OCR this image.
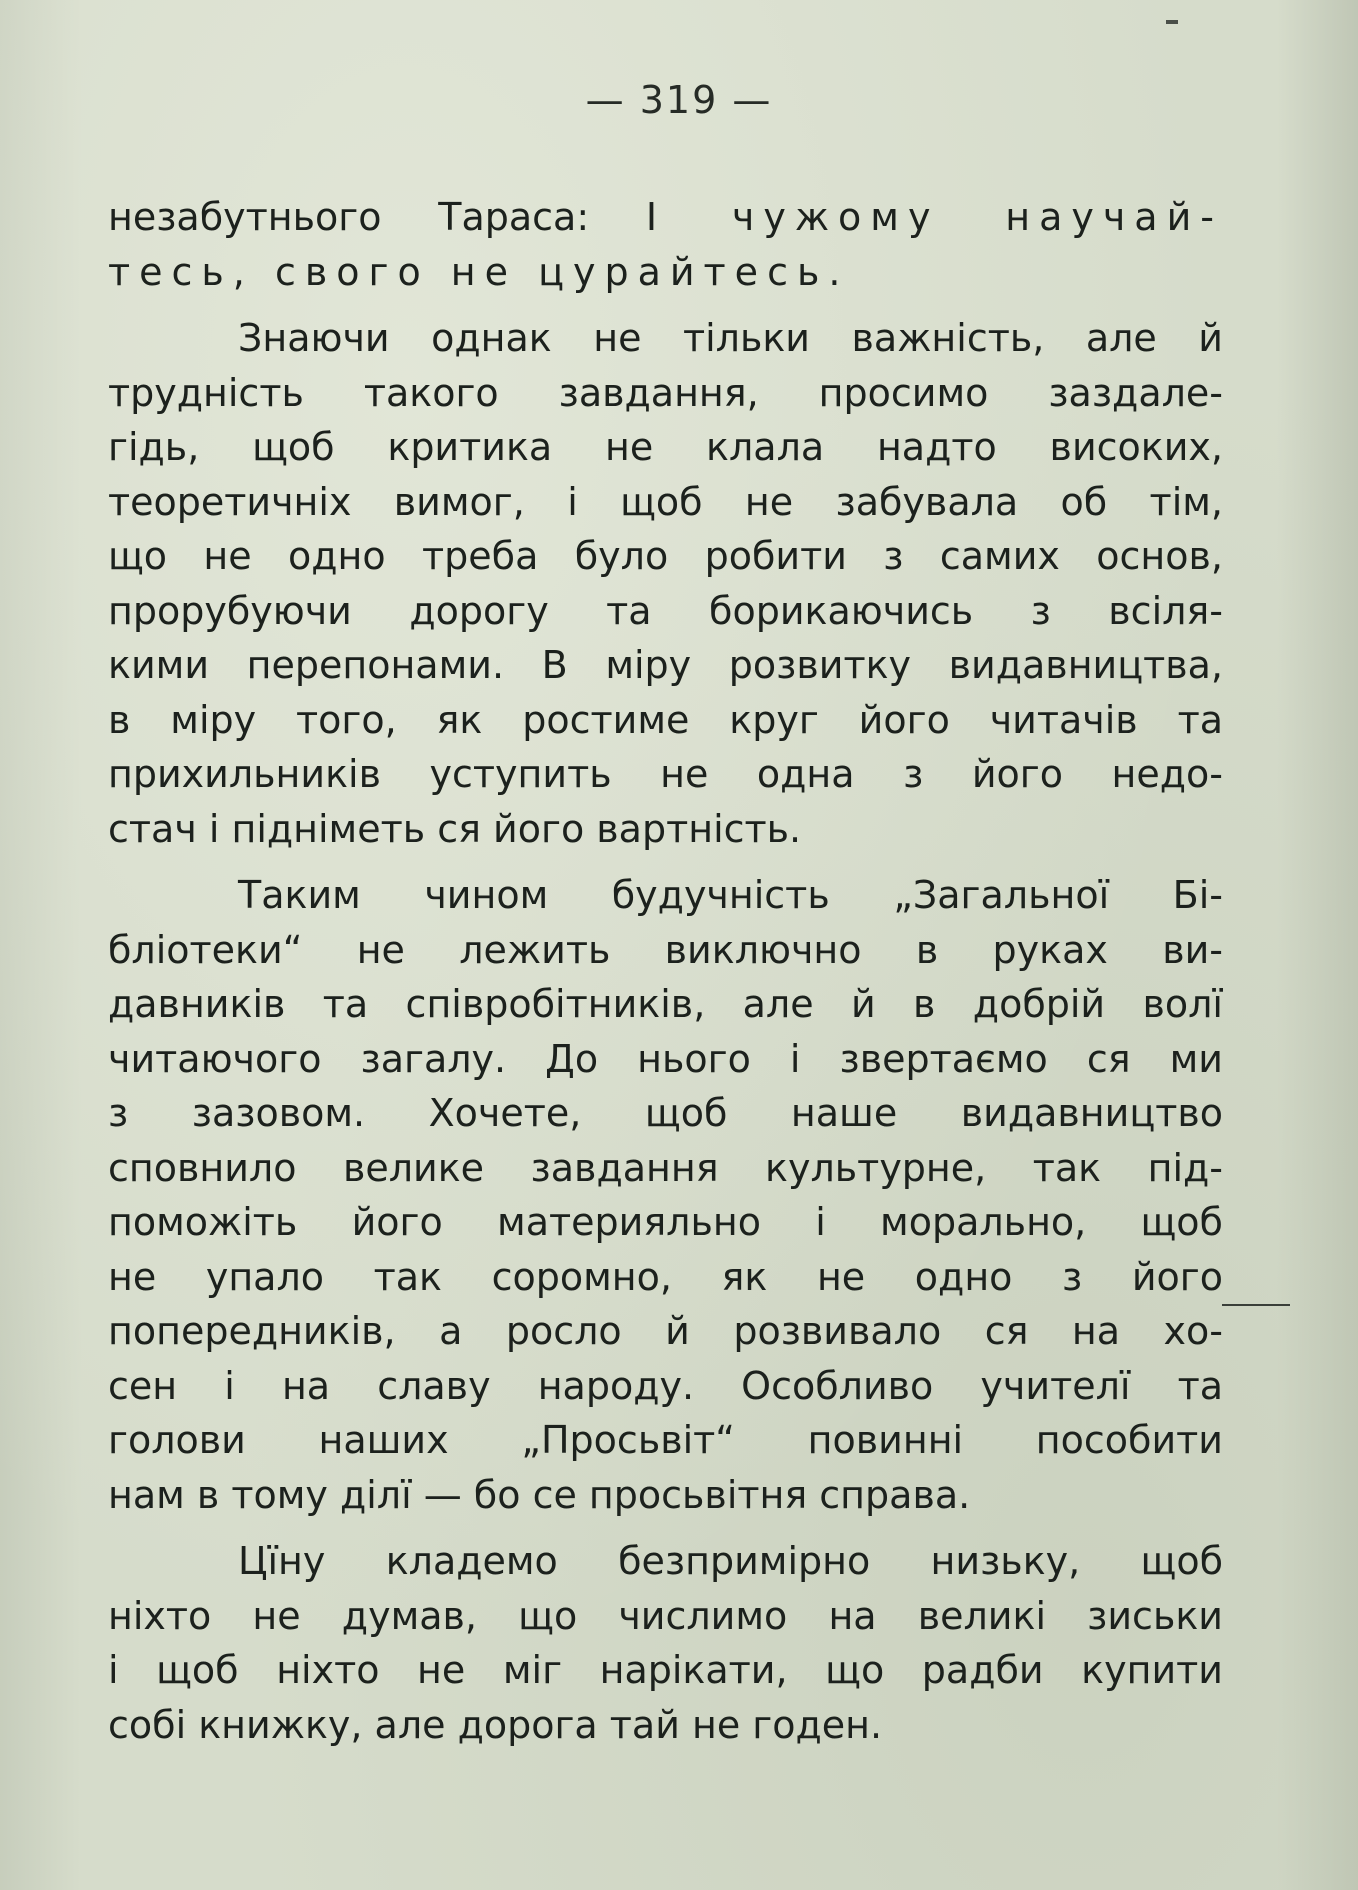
— 319 —
незабутнього Тараса: І чужому научай-
тесь, свого не цурайтесь.
Знаючи однак не тільки важність, але й
трудність такого завдання, просимо заздале-
гідь, щоб критика не клала надто високих,
теоретичніх вимог, і щоб не забувала об тім,
що не одно треба було робити з самих основ,
прорубуючи дорогу та борикаючись з всіля-
кими перепонами. В міру розвитку видавництва,
в міру того, як ростиме круг його читачів та
прихильників уступить не одна з його недо-
стач і підніметь ся його вартність.
Таким чином будучність „Загальної Бі-
бліотеки“ не лежить виключно в руках ви-
давників та співробітників, але й в добрій волї
читаючого загалу. До нього і звертаємо ся ми
з зазовом. Хочете, щоб наше видавництво
сповнило велике завдання культурне, так під-
поможіть його материяльно і морально, щоб
не упало так соромно, як не одно з його
попередників, а росло й розвивало ся на хо-
сен і на славу народу. Особливо учителї та
голови наших „Просьвіт“ повинні пособити
нам в тому ділї — бо се просьвітня справа.
Цїну кладемо безпримірно низьку, щоб
ніхто не думав, що числимо на великі зиськи
і щоб ніхто не міг нарікати, що радби купити
собі книжку, але дорога тай не годен.
